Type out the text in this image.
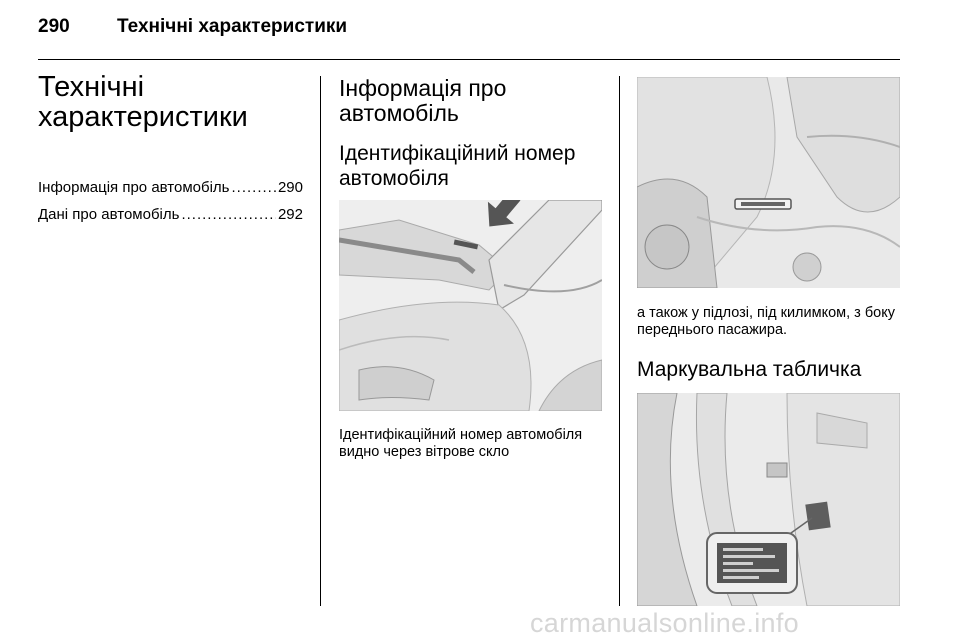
290 Технічні характеристики
Технічні характеристики
Інформація про автомобіль .....	290
Дані про автомобіль .....	292
Інформація про автомобіль
Ідентифікаційний номер автомобіля

Ідентифікаційний номер автомобіля видно через вітрове скло

а також у підлозі, під килимком, з боку переднього пасажира.

Маркувальна табличка
carmanualsonline.info
